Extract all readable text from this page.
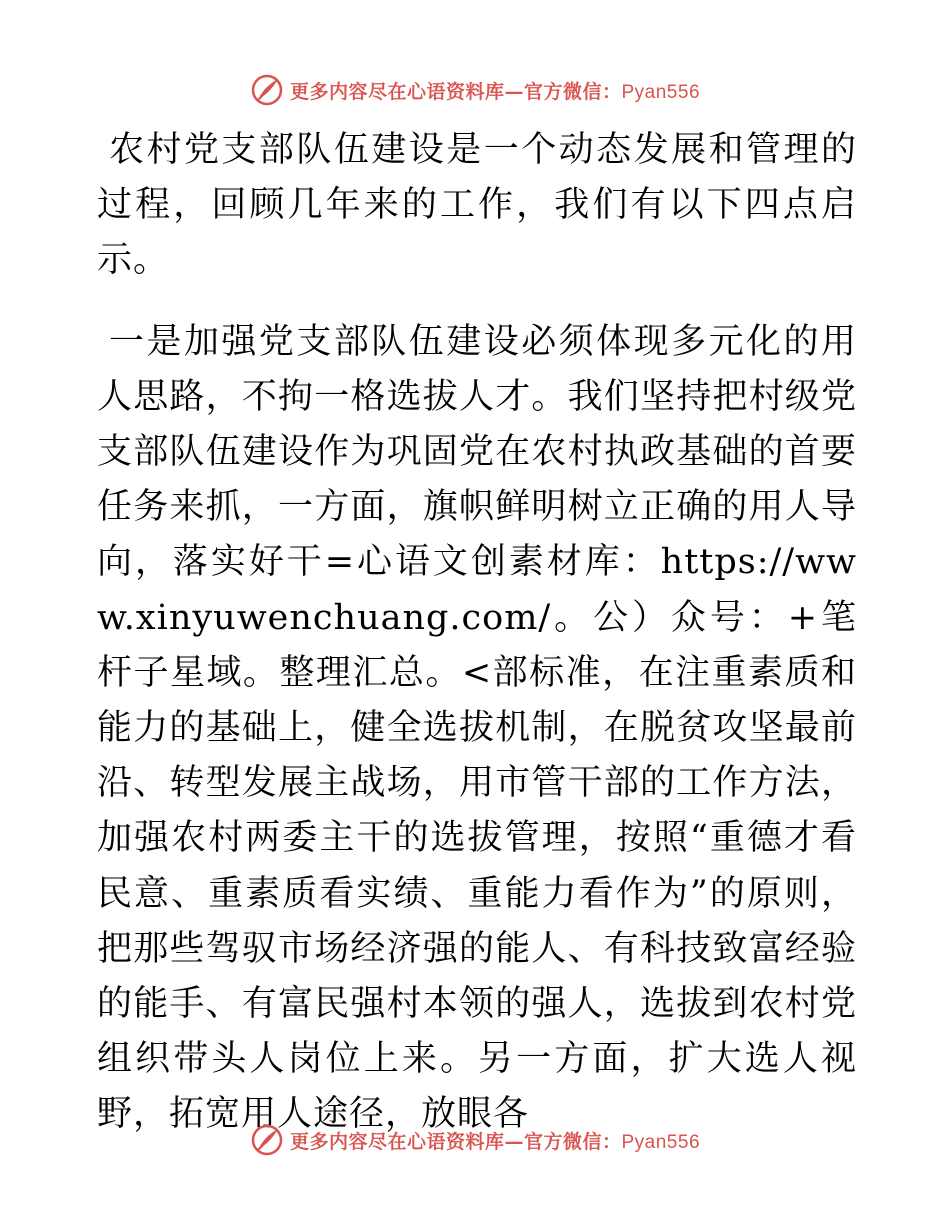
更多内容尽在心语资料库—官方微信：Pyan556

农村党支部队伍建设是一个动态发展和管理的过程，回顾几年来的工作，我们有以下四点启示。

一是加强党支部队伍建设必须体现多元化的用人思路，不拘一格选拔人才。我们坚持把村级党支部队伍建设作为巩固党在农村执政基础的首要任务来抓，一方面，旗帜鲜明树立正确的用人导向，落实好干=心语文创素材库：https://www.xinyuwenchuang.com/。公）众号：+笔杆子星域。整理汇总。<部标准，在注重素质和能力的基础上，健全选拔机制，在脱贫攻坚最前沿、转型发展主战场，用市管干部的工作方法，加强农村两委主干的选拔管理，按照“重德才看民意、重素质看实绩、重能力看作为”的原则，把那些驾驭市场经济强的能人、有科技致富经验的能手、有富民强村本领的强人，选拔到农村党组织带头人岗位上来。另一方面，扩大选人视野，拓宽用人途径，放眼各

更多内容尽在心语资料库—官方微信：Pyan556
